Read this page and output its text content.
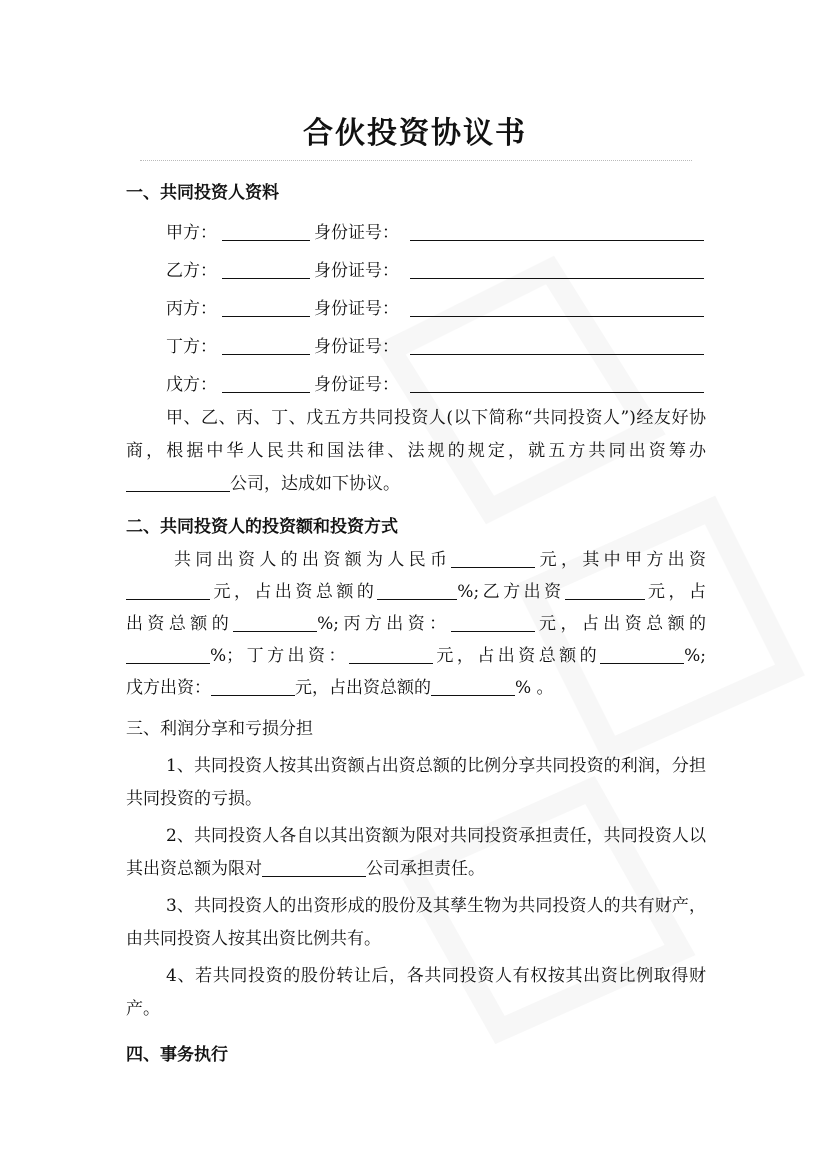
合伙投资协议书
一、共同投资人资料
甲方：	身份证号：
乙方：	身份证号：
丙方：	身份证号：
丁方：	身份证号：
戊方：	身份证号：
甲、乙、丙、丁、戊五方共同投资人(以下简称“共同投资人”)经友好协商，根据中华人民共和国法律、法规的规定，就五方共同出资筹办公司，达成如下协议。
二、共同投资人的投资额和投资方式
共同出资人的出资额为人民币	元，其中甲方出资
元，占出资总额的	%;乙方出资	元，占
出资总额的	%;丙方出资：	元，占出资总额的
%；丁方出资：	元，占出资总额的	%;
戊方出资：	元，占出资总额的	% 。
三、利润分享和亏损分担
1、共同投资人按其出资额占出资总额的比例分享共同投资的利润，分担共同投资的亏损。
2、共同投资人各自以其出资额为限对共同投资承担责任，共同投资人以其出资总额为限对	公司承担责任。
3、共同投资人的出资形成的股份及其孳生物为共同投资人的共有财产，由共同投资人按其出资比例共有。
4、若共同投资的股份转让后，各共同投资人有权按其出资比例取得财产。
四、事务执行
